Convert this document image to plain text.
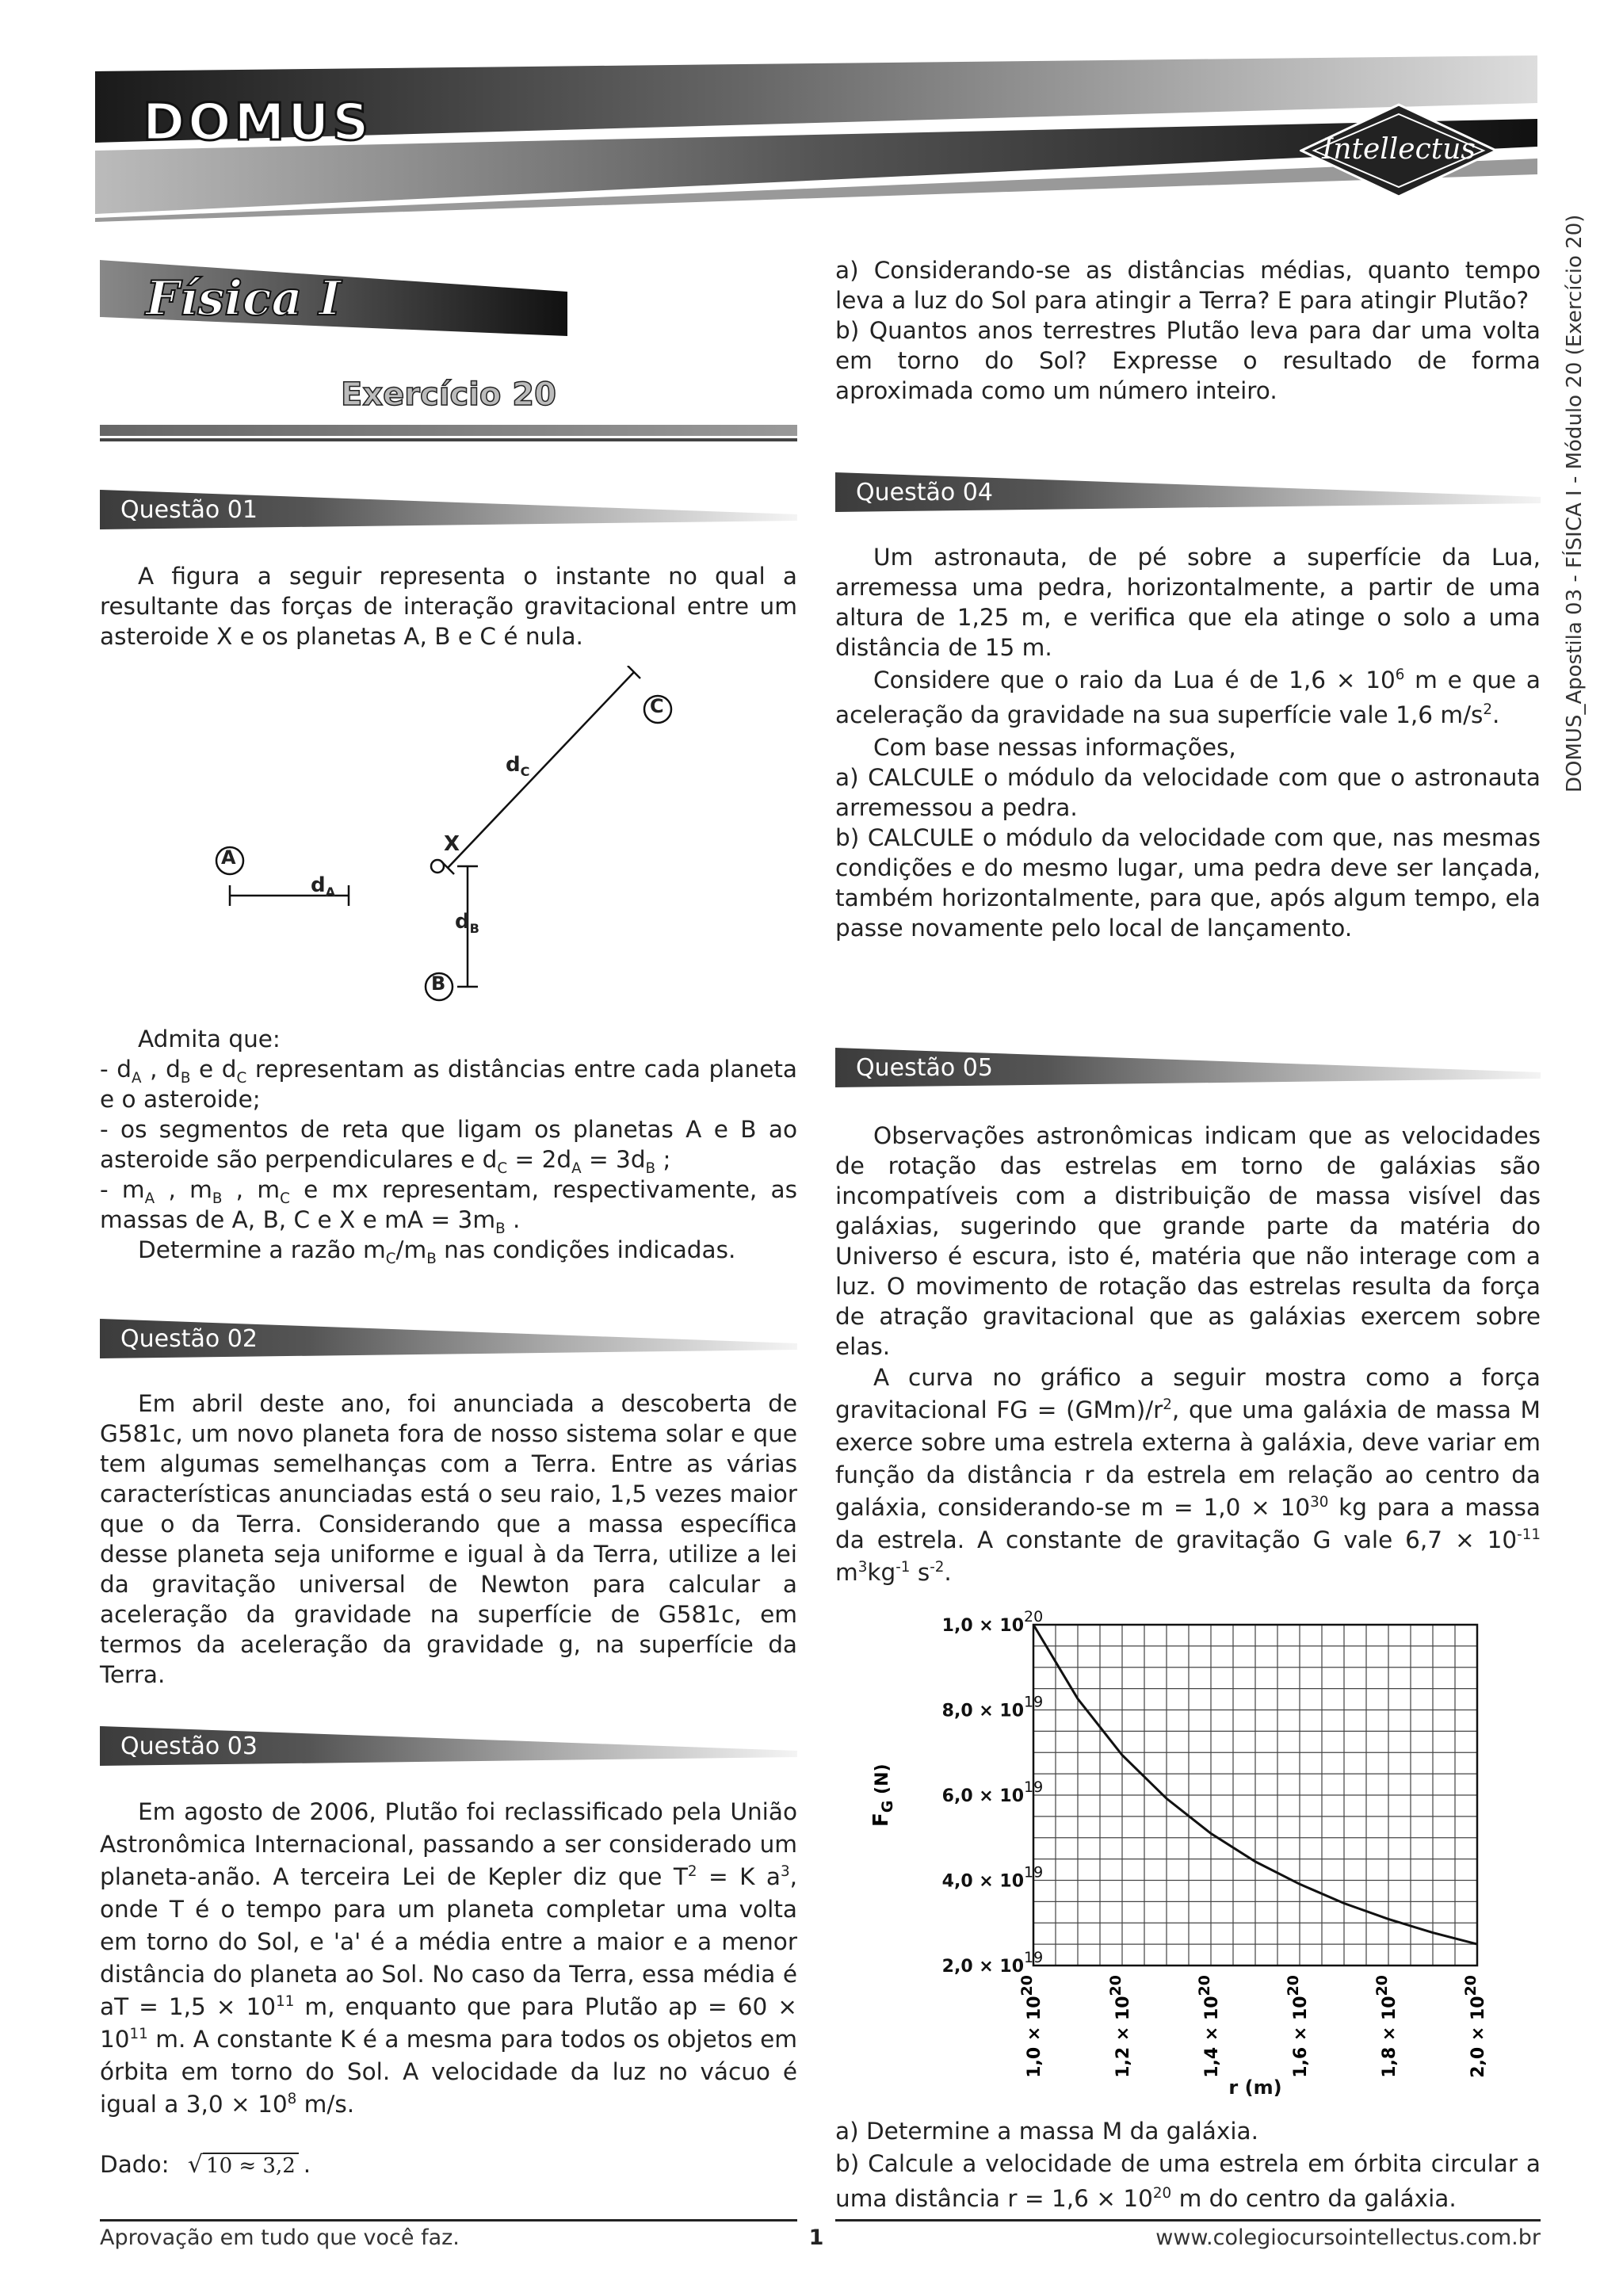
DOMUS	Intellectus
DOMUS_Apostila 03 - FÍSICA I - Módulo 20 (Exercício 20)
Física I
Exercício 20
Questão 01

A figura a seguir representa o instante no qual a resultante das forças de interação gravitacional entre um asteroide X e os planetas A, B e C é nula.

A
B
C
X
$d_A$
$d_B$
$d_C$

Admita que:

- $d_A$ , $d_B$ e $d_C$ representam as distâncias entre cada planeta e o asteroide;

- os segmentos de reta que ligam os planetas A e B ao asteroide são perpendiculares e $d_C = 2d_A = 3d_B$ ;

- $m_A$ , $m_B$ , $m_C$ e mx representam, respectivamente, as massas de A, B, C e X e mA = $3m_B$ .

Determine a razão $m_C/m_B$ nas condições indicadas.

Questão 02

Em abril deste ano, foi anunciada a descoberta de G581c, um novo planeta fora de nosso sistema solar e que tem algumas semelhanças com a Terra. Entre as várias características anunciadas está o seu raio, 1,5 vezes maior que o da Terra. Considerando que a massa específica desse planeta seja uniforme e igual à da Terra, utilize a lei da gravitação universal de Newton para calcular a aceleração da gravidade na superfície de G581c, em termos da aceleração da gravidade g, na superfície da Terra.

Questão 03

Em agosto de 2006, Plutão foi reclassificado pela União Astronômica Internacional, passando a ser considerado um planeta-anão. A terceira Lei de Kepler diz que $T^2 = K$ $a^3$, onde T é o tempo para um planeta completar uma volta em torno do Sol, e 'a' é a média entre a maior e a menor distância do planeta ao Sol. No caso da Terra, essa média é aT = $1,5 \times 10^{11}$ m, enquanto que para Plutão ap = $60 \times 10^{11}$ m. A constante K é a mesma para todos os objetos em órbita em torno do Sol. A velocidade da luz no vácuo é igual a $3,0 \times 10^8$ m/s.

Dado: √ 10 ≈ 3,2 .

a) Considerando-se as distâncias médias, quanto tempo leva a luz do Sol para atingir a Terra? E para atingir Plutão?

b) Quantos anos terrestres Plutão leva para dar uma volta em torno do Sol? Expresse o resultado de forma aproximada como um número inteiro.

Questão 04

Um astronauta, de pé sobre a superfície da Lua, arremessa uma pedra, horizontalmente, a partir de uma altura de 1,25 m, e verifica que ela atinge o solo a uma distância de 15 m.

Considere que o raio da Lua é de $1,6 \times 10^6$ m e que a aceleração da gravidade na sua superfície vale 1,6 $m/s^2$.

Com base nessas informações,

a) CALCULE o módulo da velocidade com que o astronauta arremessou a pedra.

b) CALCULE o módulo da velocidade com que, nas mesmas condições e do mesmo lugar, uma pedra deve ser lançada, também horizontalmente, para que, após algum tempo, ela passe novamente pelo local de lançamento.

Questão 05

Observações astronômicas indicam que as velocidades de rotação das estrelas em torno de galáxias são incompatíveis com a distribuição de massa visível das galáxias, sugerindo que grande parte da matéria do Universo é escura, isto é, matéria que não interage com a luz. O movimento de rotação das estrelas resulta da força de atração gravitacional que as galáxias exercem sobre elas.

A curva no gráfico a seguir mostra como a força gravitacional FG = $(GMm)/r^2$, que uma galáxia de massa M exerce sobre uma estrela externa à galáxia, deve variar em função da distância r da estrela em relação ao centro da galáxia, considerando-se $m = 1,0 \times 10^{30}$ kg para a massa da estrela. A constante de gravitação G vale $6,7 \times 10^{-11}$ $m^3kg^{-1}$ $s^{-2}$.

2,0 × 10 19
4,0 × 10 19
6,0 × 10 19
8,0 × 10 19
1,0 × 10 20
1,0 × 1020
1,2 × 1020
1,4 × 1020
1,6 × 1020
1,8 × 1020
2,0 × 1020
r (m)
$F_G$ $^{(N)}$

a) Determine a massa M da galáxia.

b) Calcule a velocidade de uma estrela em órbita circular a uma distância $r = 1,6 \times 10^{20}$ m do centro da galáxia.

Aprovação em tudo que você faz.	1	www.colegiocursointellectus.com.br
